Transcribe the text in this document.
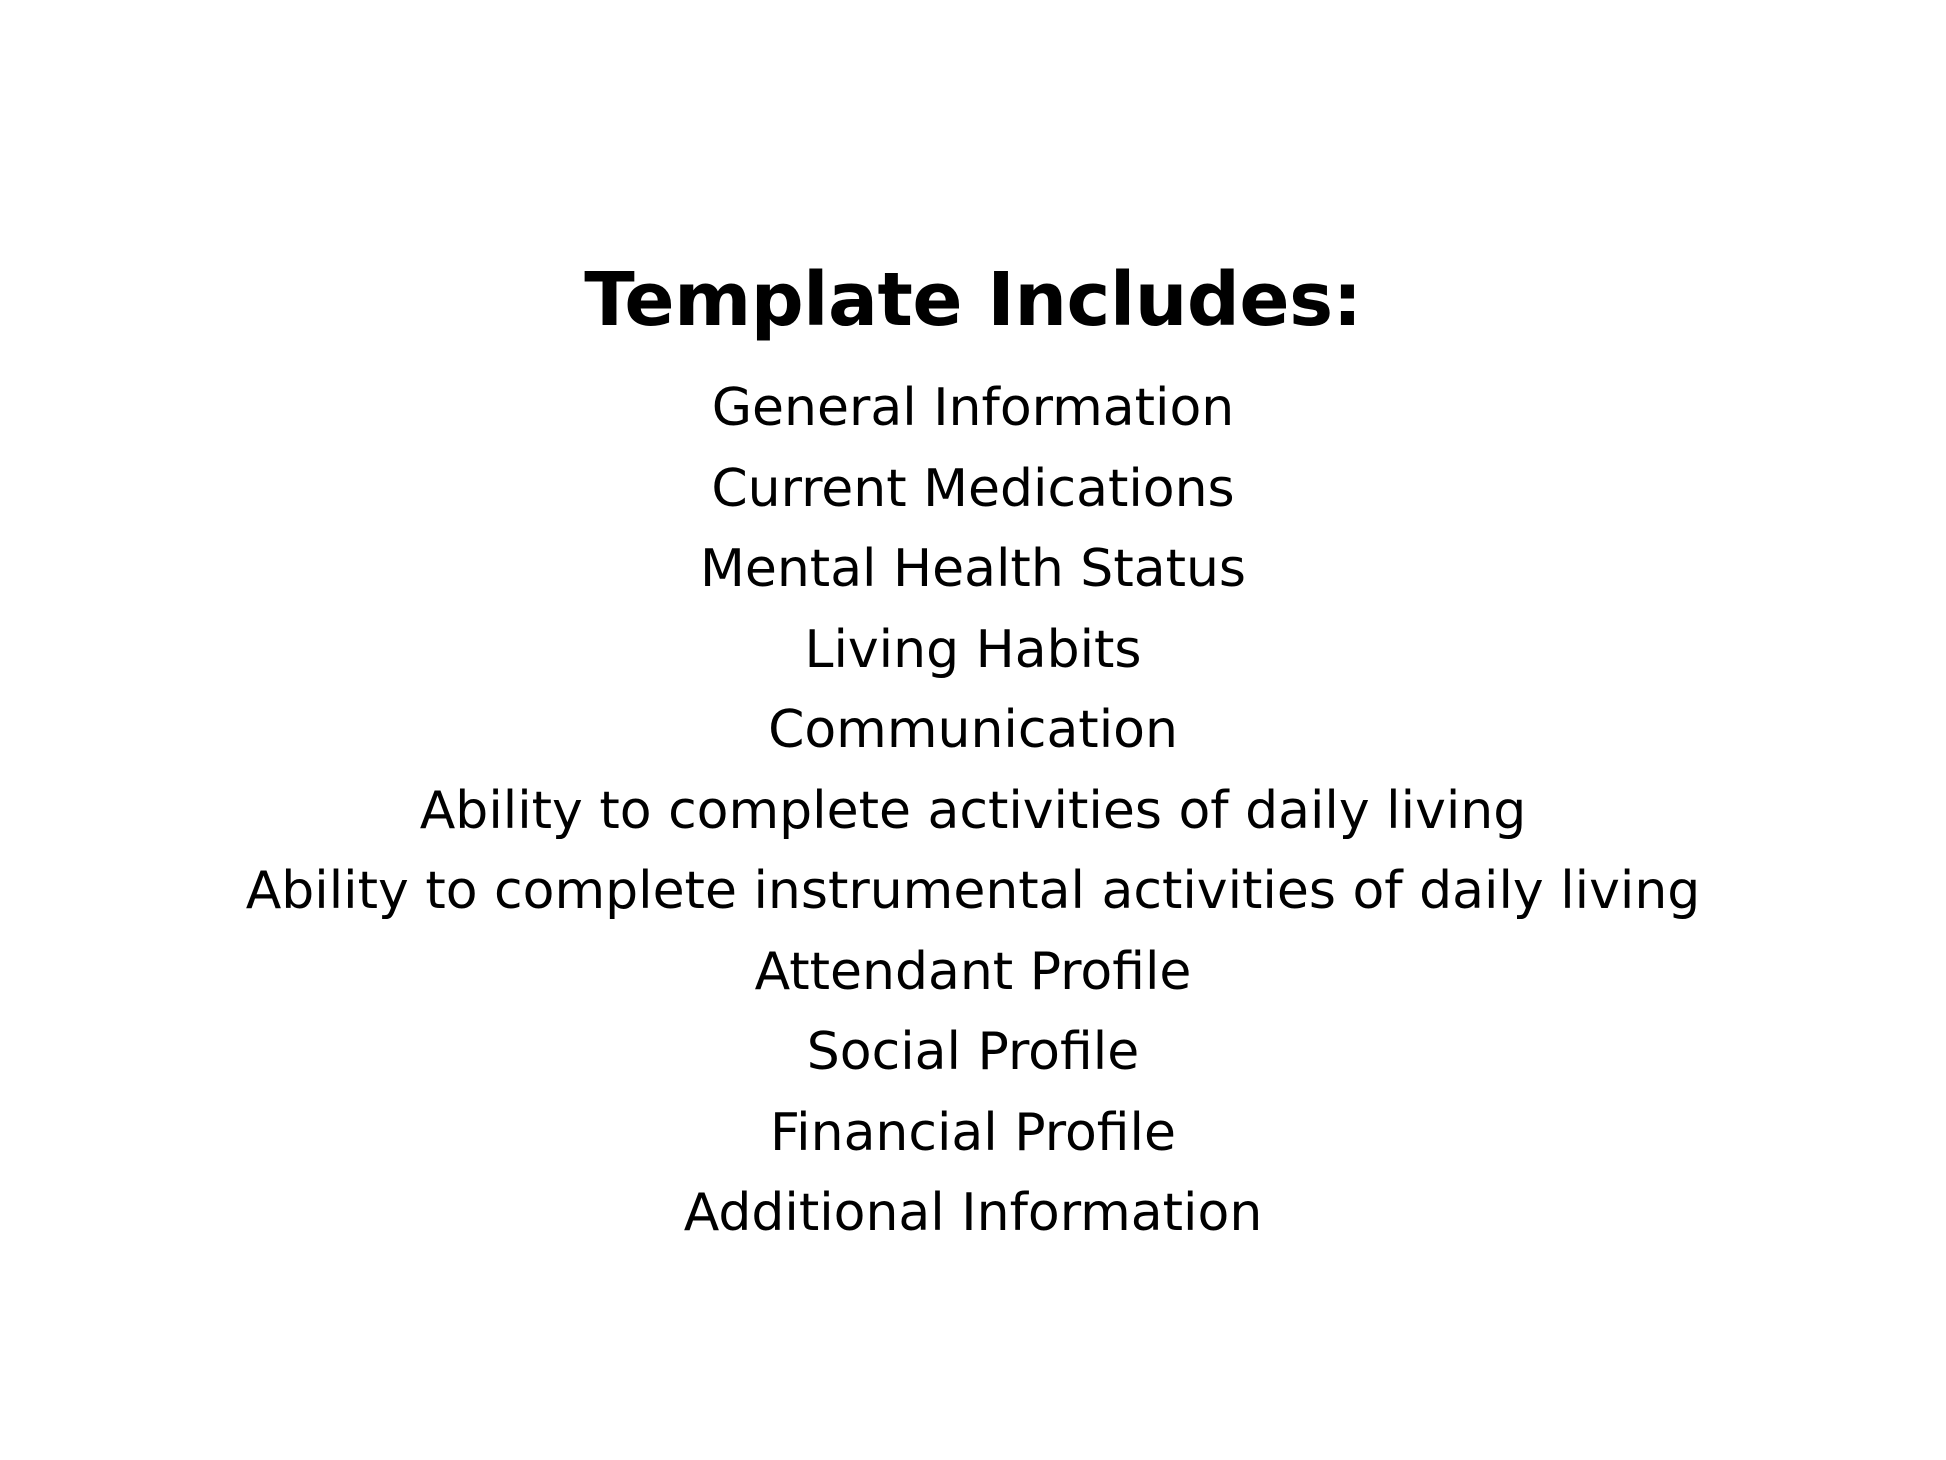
Template Includes:
General Information
Current Medications
Mental Health Status
Living Habits
Communication
Ability to complete activities of daily living
Ability to complete instrumental activities of daily living
Attendant Profile
Social Profile
Financial Profile
Additional Information
